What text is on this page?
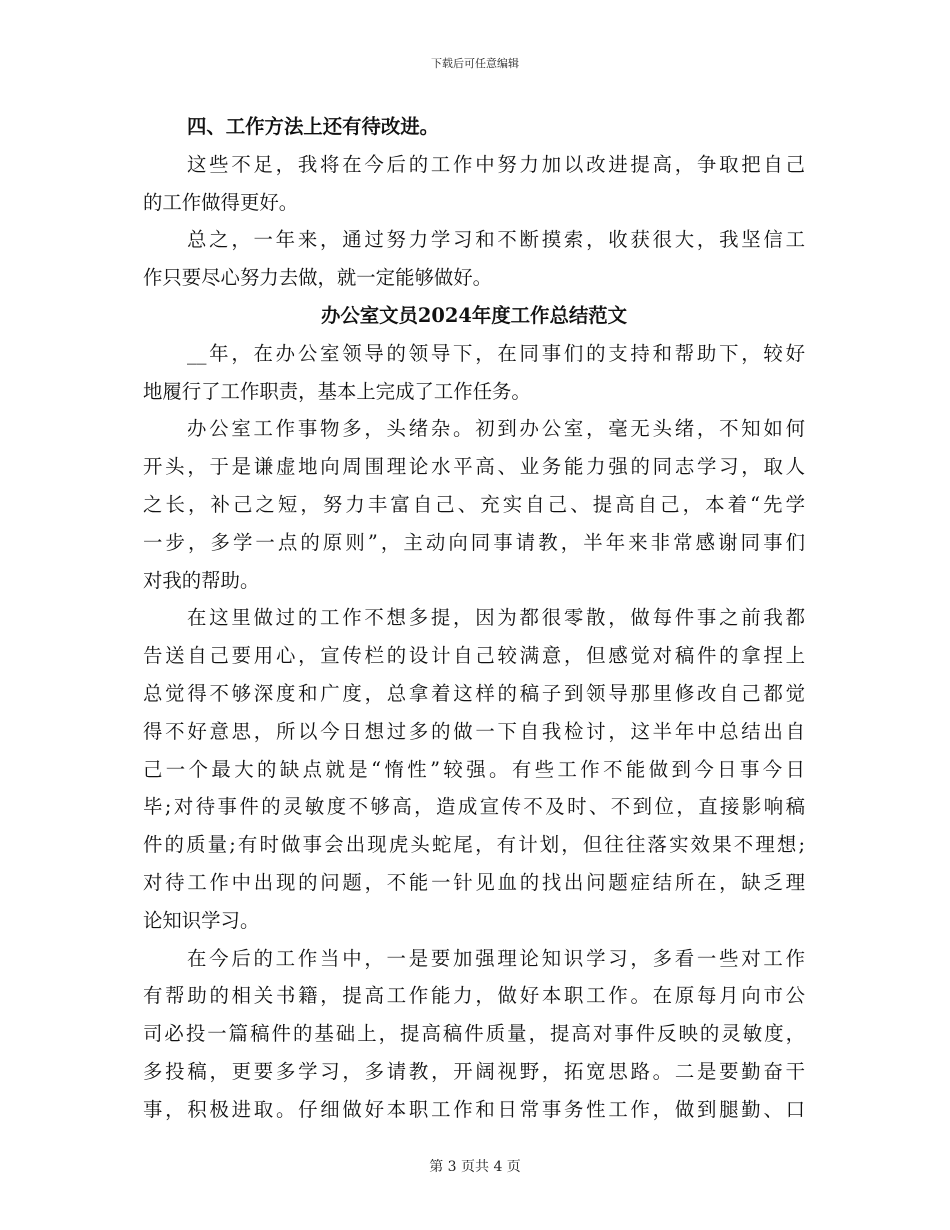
下载后可任意编辑
四、工作方法上还有待改进。
这些不足，我将在今后的工作中努力加以改进提高，争取把自己
的工作做得更好。
总之，一年来，通过努力学习和不断摸索，收获很大，我坚信工
作只要尽心努力去做，就一定能够做好。
办公室文员2024年度工作总结范文
__年，在办公室领导的领导下，在同事们的支持和帮助下，较好
地履行了工作职责，基本上完成了工作任务。
办公室工作事物多，头绪杂。初到办公室，毫无头绪，不知如何
开头，于是谦虚地向周围理论水平高、业务能力强的同志学习，取人
之长，补己之短，努力丰富自己、充实自己、提高自己，本着“先学
一步，多学一点的原则”，主动向同事请教，半年来非常感谢同事们
对我的帮助。
在这里做过的工作不想多提，因为都很零散，做每件事之前我都
告送自己要用心，宣传栏的设计自己较满意，但感觉对稿件的拿捏上
总觉得不够深度和广度，总拿着这样的稿子到领导那里修改自己都觉
得不好意思，所以今日想过多的做一下自我检讨，这半年中总结出自
己一个最大的缺点就是“惰性”较强。有些工作不能做到今日事今日
毕;对待事件的灵敏度不够高，造成宣传不及时、不到位，直接影响稿
件的质量;有时做事会出现虎头蛇尾，有计划，但往往落实效果不理想;
对待工作中出现的问题，不能一针见血的找出问题症结所在，缺乏理
论知识学习。
在今后的工作当中，一是要加强理论知识学习，多看一些对工作
有帮助的相关书籍，提高工作能力，做好本职工作。在原每月向市公
司必投一篇稿件的基础上，提高稿件质量，提高对事件反映的灵敏度，
多投稿，更要多学习，多请教，开阔视野，拓宽思路。二是要勤奋干
事，积极进取。仔细做好本职工作和日常事务性工作，做到腿勤、口
第 3 页共 4 页
